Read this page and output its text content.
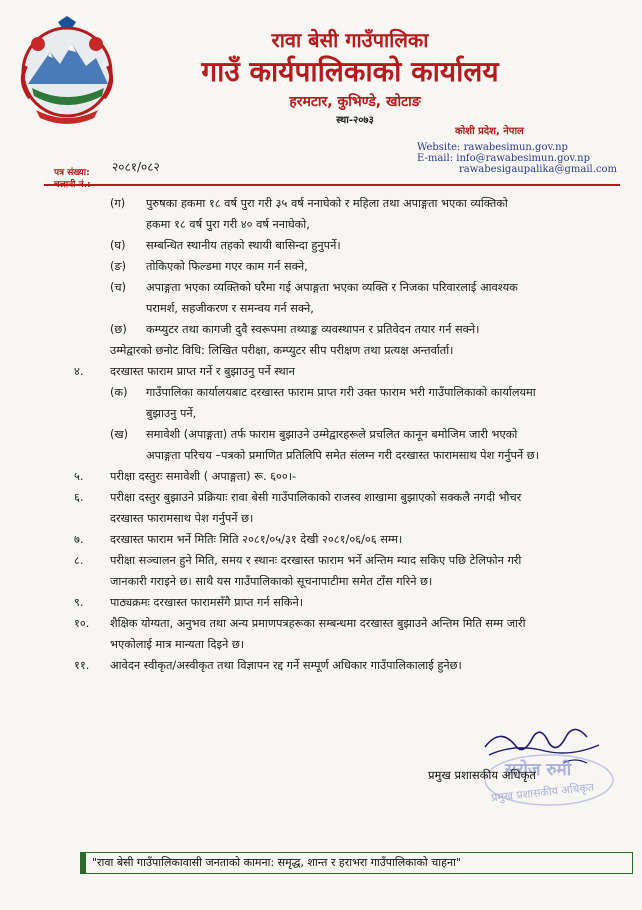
रावा बेसी गाउँपालिका
गाउँ कार्यपालिकाको कार्यालय
हरमटार, कुभिण्डे, खोटाङ
स्था-२०७३
कोशी प्रदेश, नेपाल
Website: rawabesimun.gov.np
E-mail: info@rawabesimun.gov.np
rawabesigaupalika@gmail.com
पत्र संख्या: २०८१/०८२
(ग)	पुरुषका हकमा १८ वर्ष पुरा गरी ३५ वर्ष ननाघेको र महिला तथा अपाङ्गता भएका व्यक्तिको
हकमा १८ वर्ष पुरा गरी ४० वर्ष ननाघेको,
(घ)	सम्बन्धित स्थानीय तहको स्थायी बासिन्दा हुनुपर्ने।
(ङ)	तोकिएको फिल्डमा गएर काम गर्न सक्ने,
(च)	अपाङ्गता भएका व्यक्तिको घरैमा गई अपाङ्गता भएका व्यक्ति र निजका परिवारलाई आवश्यक
परामर्श, सहजीकरण र समन्वय गर्न सक्ने,
(छ)	कम्प्युटर तथा कागजी दुवै स्वरूपमा तथ्याङ्क व्यवस्थापन र प्रतिवेदन तयार गर्न सक्ने।
उम्मेद्वारको छनोट विधि: लिखित परीक्षा, कम्प्युटर सीप परीक्षण तथा प्रत्यक्ष अन्तर्वार्ता।
४.	दरखास्त फाराम प्राप्त गर्ने र बुझाउनु पर्ने स्थान
(क)	गाउँपालिका कार्यालयबाट दरखास्त फाराम प्राप्त गरी उक्त फाराम भरी गाउँपालिकाको कार्यालयमा
बुझाउनु पर्ने,
(ख)	समावेशी (अपाङ्गता) तर्फ फाराम बुझाउने उम्मेद्वारहरूले प्रचलित कानून बमोजिम जारी भएको
अपाङ्गता परिचय –पत्रको प्रमाणित प्रतिलिपि समेत संलग्न गरी दरखास्त फारामसाथ पेश गर्नुपर्ने छ।
५.	परीक्षा दस्तुरः समावेशी ( अपाङ्गता) रू. ६००।-
६.	परीक्षा दस्तुर बुझाउने प्रक्रियाः रावा बेसी गाउँपालिकाको राजस्व शाखामा बुझाएको सक्कलै नगदी भौचर
दरखास्त फारामसाथ पेश गर्नुपर्ने छ।
७.	दरखास्त फाराम भर्ने मितिः मिति २०८१/०५/३१ देखी २०८१/०६/०६ सम्म।
८.	परीक्षा सञ्चालन हुने मिति, समय र स्थानः दरखास्त फाराम भर्ने अन्तिम म्याद सकिए पछि टेलिफोन गरी
जानकारी गराइने छ। साथै यस गाउँपालिकाको सूचनापाटीमा समेत टाँस गरिने छ।
९.	पाठ्यक्रमः दरखास्त फारामसँगै प्राप्त गर्न सकिने।
१०.	शैक्षिक योग्यता, अनुभव तथा अन्य प्रमाणपत्रहरूका सम्बन्धमा दरखास्त बुझाउने अन्तिम मिति सम्म जारी
भएकोलाई मात्र मान्यता दिइने छ।
११.	आवेदन स्वीकृत/अस्वीकृत तथा विज्ञापन रद्द गर्ने सम्पूर्ण अधिकार गाउँपालिकालाई हुनेछ।
सरोज रुमी
प्रमुख प्रशासकीय अधिकृत
प्रमुख प्रशासकीय अधिकृत
"रावा बेसी गाउँपालिकावासी जनताको कामना: समृद्ध, शान्त र हराभरा गाउँपालिकाको चाहना"
